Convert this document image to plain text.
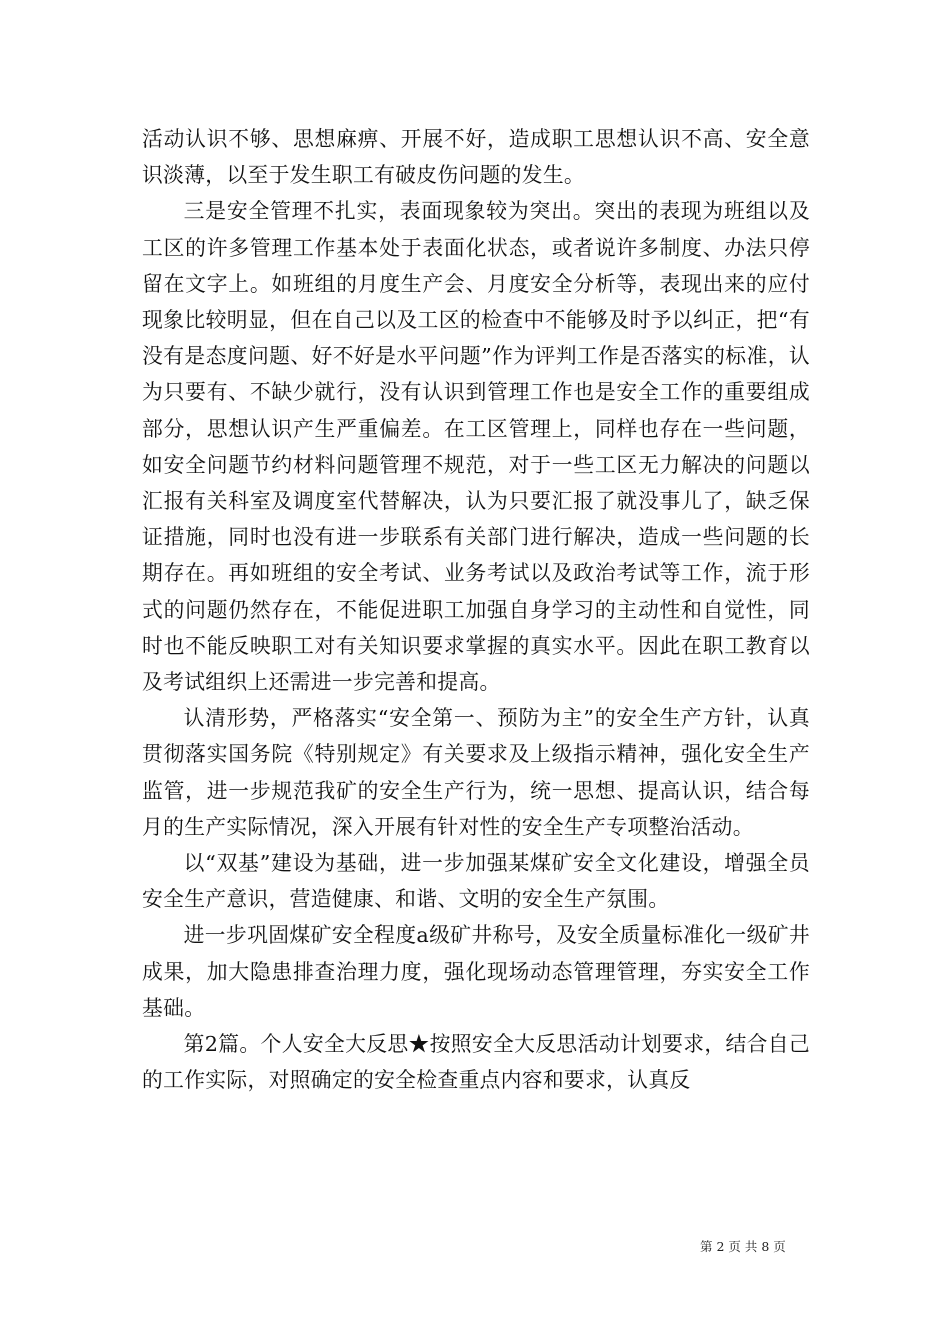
活动认识不够、思想麻痹、开展不好，造成职工思想认识不高、安全意识淡薄，以至于发生职工有破皮伤问题的发生。

三是安全管理不扎实，表面现象较为突出。突出的表现为班组以及工区的许多管理工作基本处于表面化状态，或者说许多制度、办法只停留在文字上。如班组的月度生产会、月度安全分析等，表现出来的应付现象比较明显，但在自己以及工区的检查中不能够及时予以纠正，把“有没有是态度问题、好不好是水平问题”作为评判工作是否落实的标准，认为只要有、不缺少就行，没有认识到管理工作也是安全工作的重要组成部分，思想认识产生严重偏差。在工区管理上，同样也存在一些问题，如安全问题节约材料问题管理不规范，对于一些工区无力解决的问题以汇报有关科室及调度室代替解决，认为只要汇报了就没事儿了，缺乏保证措施，同时也没有进一步联系有关部门进行解决，造成一些问题的长期存在。再如班组的安全考试、业务考试以及政治考试等工作，流于形式的问题仍然存在，不能促进职工加强自身学习的主动性和自觉性，同时也不能反映职工对有关知识要求掌握的真实水平。因此在职工教育以及考试组织上还需进一步完善和提高。

认清形势，严格落实“安全第一、预防为主”的安全生产方针，认真贯彻落实国务院《特别规定》有关要求及上级指示精神，强化安全生产监管，进一步规范我矿的安全生产行为，统一思想、提高认识，结合每月的生产实际情况，深入开展有针对性的安全生产专项整治活动。

以“双基”建设为基础，进一步加强某煤矿安全文化建设，增强全员安全生产意识，营造健康、和谐、文明的安全生产氛围。

进一步巩固煤矿安全程度a级矿井称号，及安全质量标准化一级矿井成果，加大隐患排查治理力度，强化现场动态管理管理，夯实安全工作基础。

第2篇。个人安全大反思★按照安全大反思活动计划要求，结合自己的工作实际，对照确定的安全检查重点内容和要求，认真反

第 2 页 共 8 页
